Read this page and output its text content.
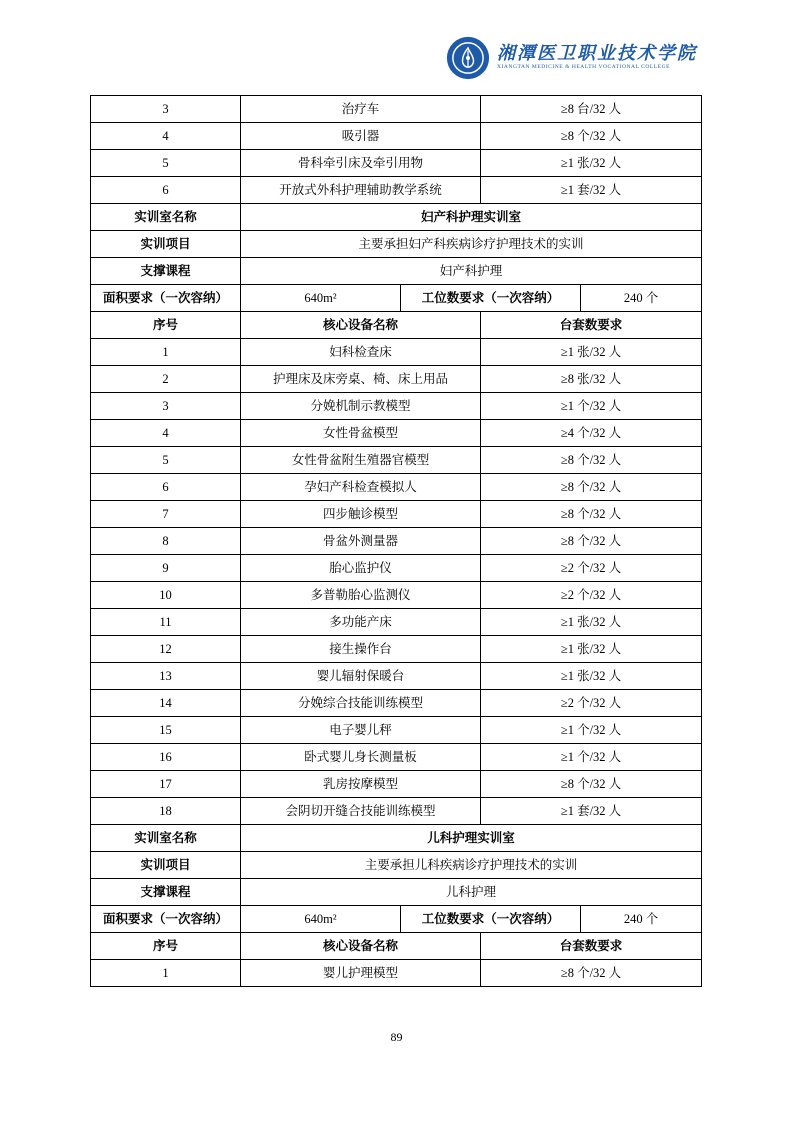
湘潭医卫职业技术学院
XIANGTAN MEDICINE & HEALTH VOCATIONAL COLLEGE
3	治疗车		≥8 台/32 人	
4	吸引器		≥8 个/32 人	
5	骨科牵引床及牵引用物		≥1 张/32 人	
6	开放式外科护理辅助教学系统		≥1 套/32 人	
实训室名称	妇产科护理实训室			
实训项目	主要承担妇产科疾病诊疗护理技术的实训			
支撑课程	妇产科护理			
面积要求（一次容纳）	640m²	工位数要求（一次容纳）		240 个
序号	核心设备名称		台套数要求	
1	妇科检查床		≥1 张/32 人	
2	护理床及床旁桌、椅、床上用品		≥8 张/32 人	
3	分娩机制示教模型		≥1 个/32 人	
4	女性骨盆模型		≥4 个/32 人	
5	女性骨盆附生殖器官模型		≥8 个/32 人	
6	孕妇产科检查模拟人		≥8 个/32 人	
7	四步触诊模型		≥8 个/32 人	
8	骨盆外测量器		≥8 个/32 人	
9	胎心监护仪		≥2 个/32 人	
10	多普勒胎心监测仪		≥2 个/32 人	
11	多功能产床		≥1 张/32 人	
12	接生操作台		≥1 张/32 人	
13	婴儿辐射保暖台		≥1 张/32 人	
14	分娩综合技能训练模型		≥2 个/32 人	
15	电子婴儿秤		≥1 个/32 人	
16	卧式婴儿身长测量板		≥1 个/32 人	
17	乳房按摩模型		≥8 个/32 人	
18	会阴切开缝合技能训练模型		≥1 套/32 人	
实训室名称	儿科护理实训室			
实训项目	主要承担儿科疾病诊疗护理技术的实训			
支撑课程	儿科护理			
面积要求（一次容纳）	640m²	工位数要求（一次容纳）		240 个
序号	核心设备名称		台套数要求	
1	婴儿护理模型		≥8 个/32 人	
89
